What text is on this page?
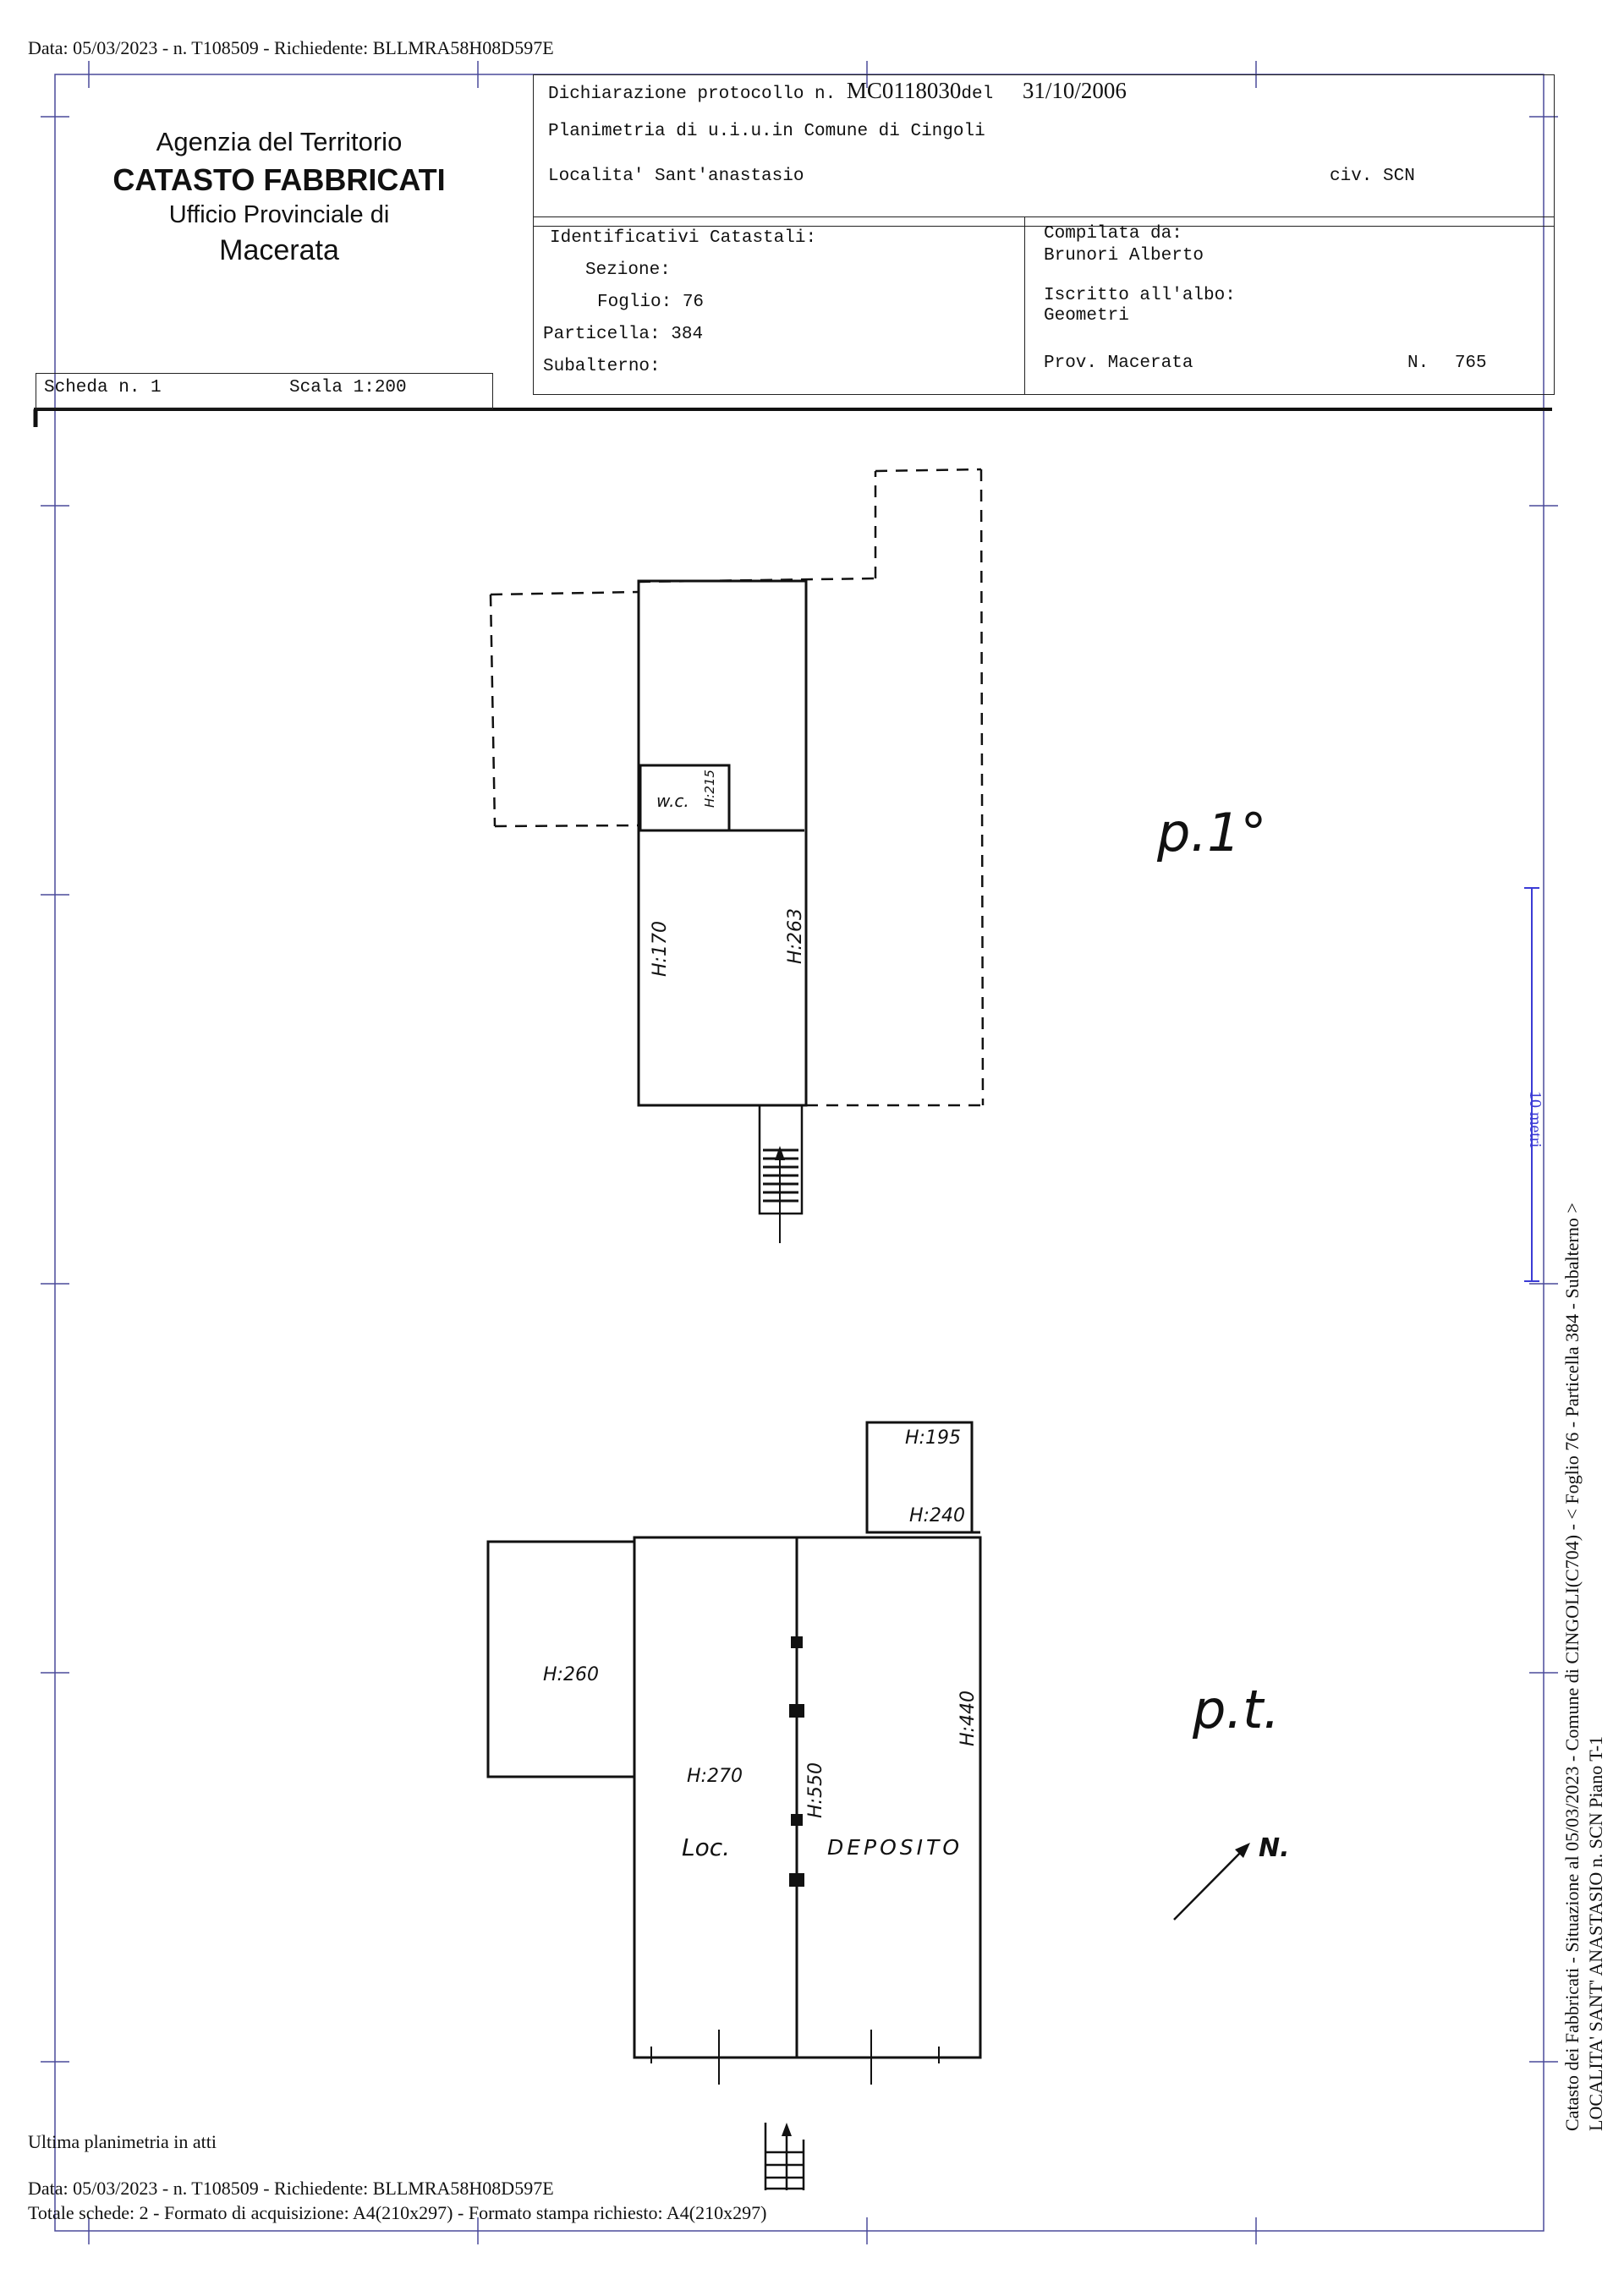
Data: 05/03/2023 - n. T108509 - Richiedente: BLLMRA58H08D597E
10 metri
Agenzia del Territorio
CATASTO FABBRICATI
Ufficio Provinciale di
Macerata
Dichiarazione protocollo n. MC0118030del 31/10/2006
Planimetria di u.i.u.in Comune di Cingoli
Localita' Sant'anastasio	civ. SCN
Identificativi Catastali:
Sezione:
Foglio: 76
Particella: 384
Subalterno:
Compilata da:
Brunori Alberto
Iscritto all'albo:
Geometri
Prov. Macerata	N. 765
Scheda n. 1	Scala 1:200
p.1°
p.t.
w.c. H:215
H:170	H:263
H:195
H:240
H:260
H:270	H:550
H:440
Loc.	DEPOSITO	N.	Catasto dei Fabbricati - Situazione al 05/03/2023 - Comune di CINGOLI(C704) - < Foglio 76 - Particella 384 - Subalterno > LOCALITA' SANT' ANASTASIO n. SCN Piano T-1
Ultima planimetria in atti
Data: 05/03/2023 - n. T108509 - Richiedente: BLLMRA58H08D597E
Totale schede: 2 - Formato di acquisizione: A4(210x297) - Formato stampa richiesto: A4(210x297)
